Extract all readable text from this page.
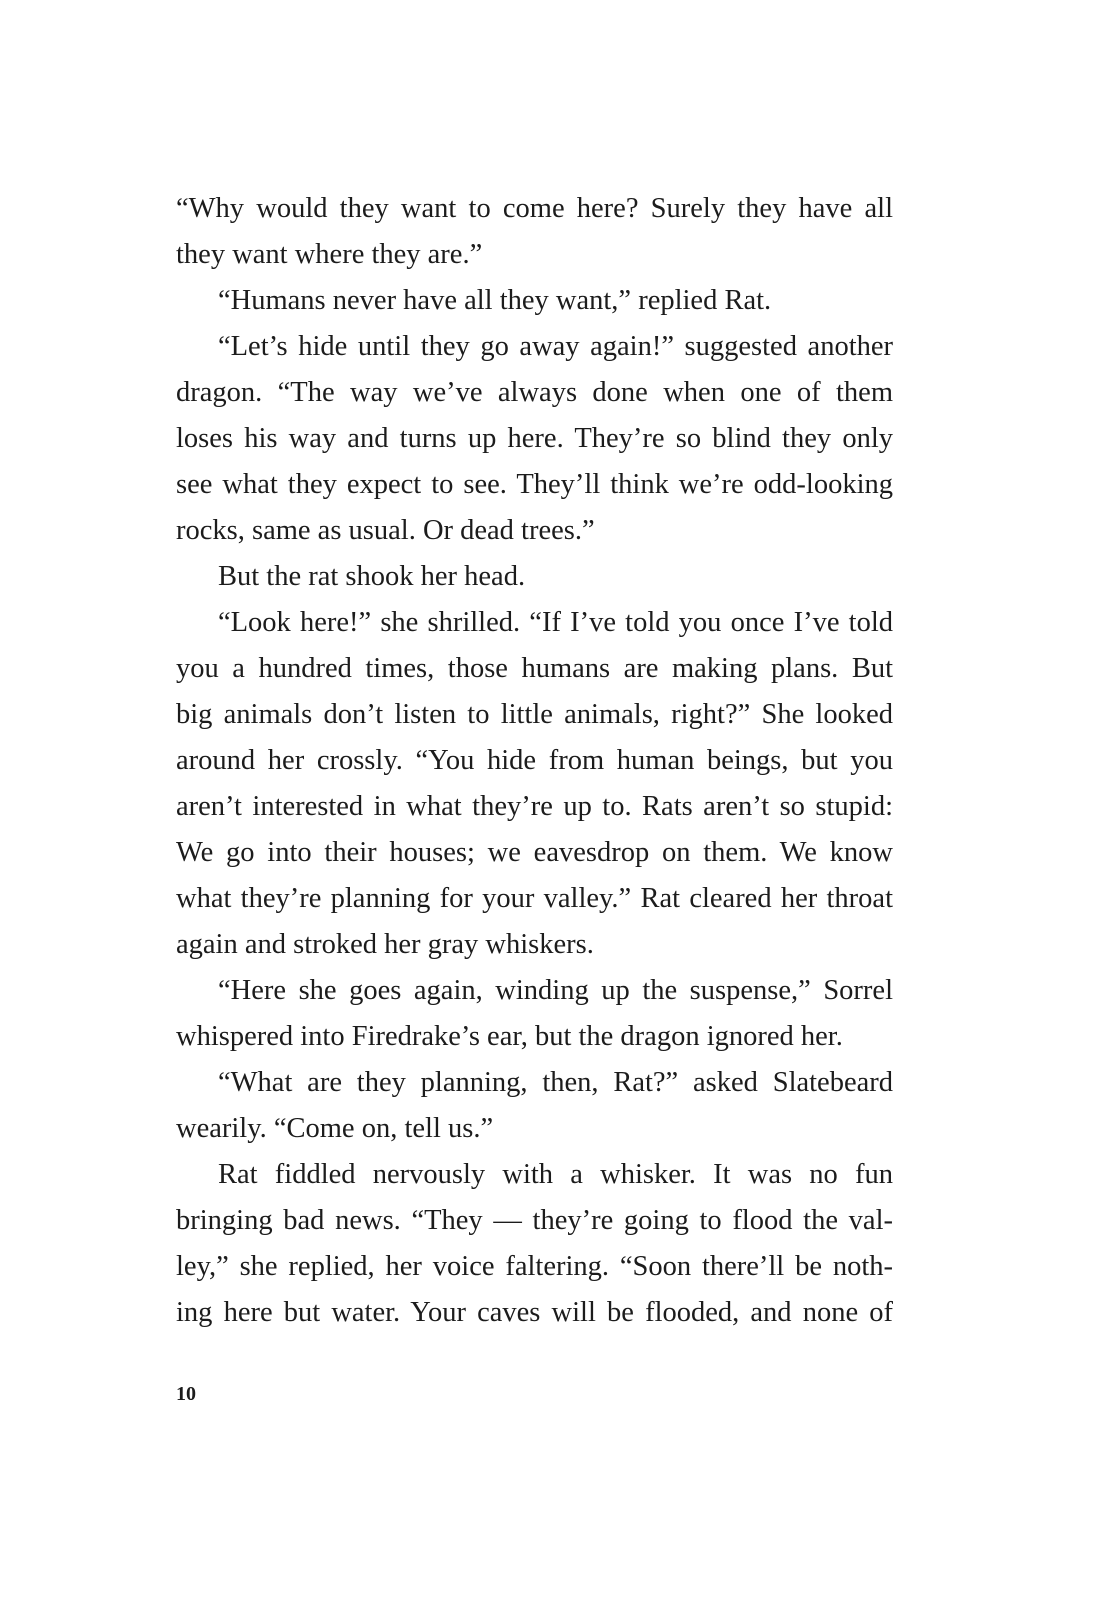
“Why would they want to come here? Surely they have all
they want where they are.”
“Humans never have all they want,” replied Rat.
“Let’s hide until they go away again!” suggested another
dragon. “The way we’ve always done when one of them
loses his way and turns up here. They’re so blind they only
see what they expect to see. They’ll think we’re odd-looking
rocks, same as usual. Or dead trees.”
But the rat shook her head.
“Look here!” she shrilled. “If I’ve told you once I’ve told
you a hundred times, those humans are making plans. But
big animals don’t listen to little animals, right?” She looked
around her crossly. “You hide from human beings, but you
aren’t interested in what they’re up to. Rats aren’t so stupid:
We go into their houses; we eavesdrop on them. We know
what they’re planning for your valley.” Rat cleared her throat
again and stroked her gray whiskers.
“Here she goes again, winding up the suspense,” Sorrel
whispered into Firedrake’s ear, but the dragon ignored her.
“What are they planning, then, Rat?” asked Slatebeard
wearily. “Come on, tell us.”
Rat fiddled nervously with a whisker. It was no fun
bringing bad news. “They — they’re going to flood the val-
ley,” she replied, her voice faltering. “Soon there’ll be noth-
ing here but water. Your caves will be flooded, and none of
10
